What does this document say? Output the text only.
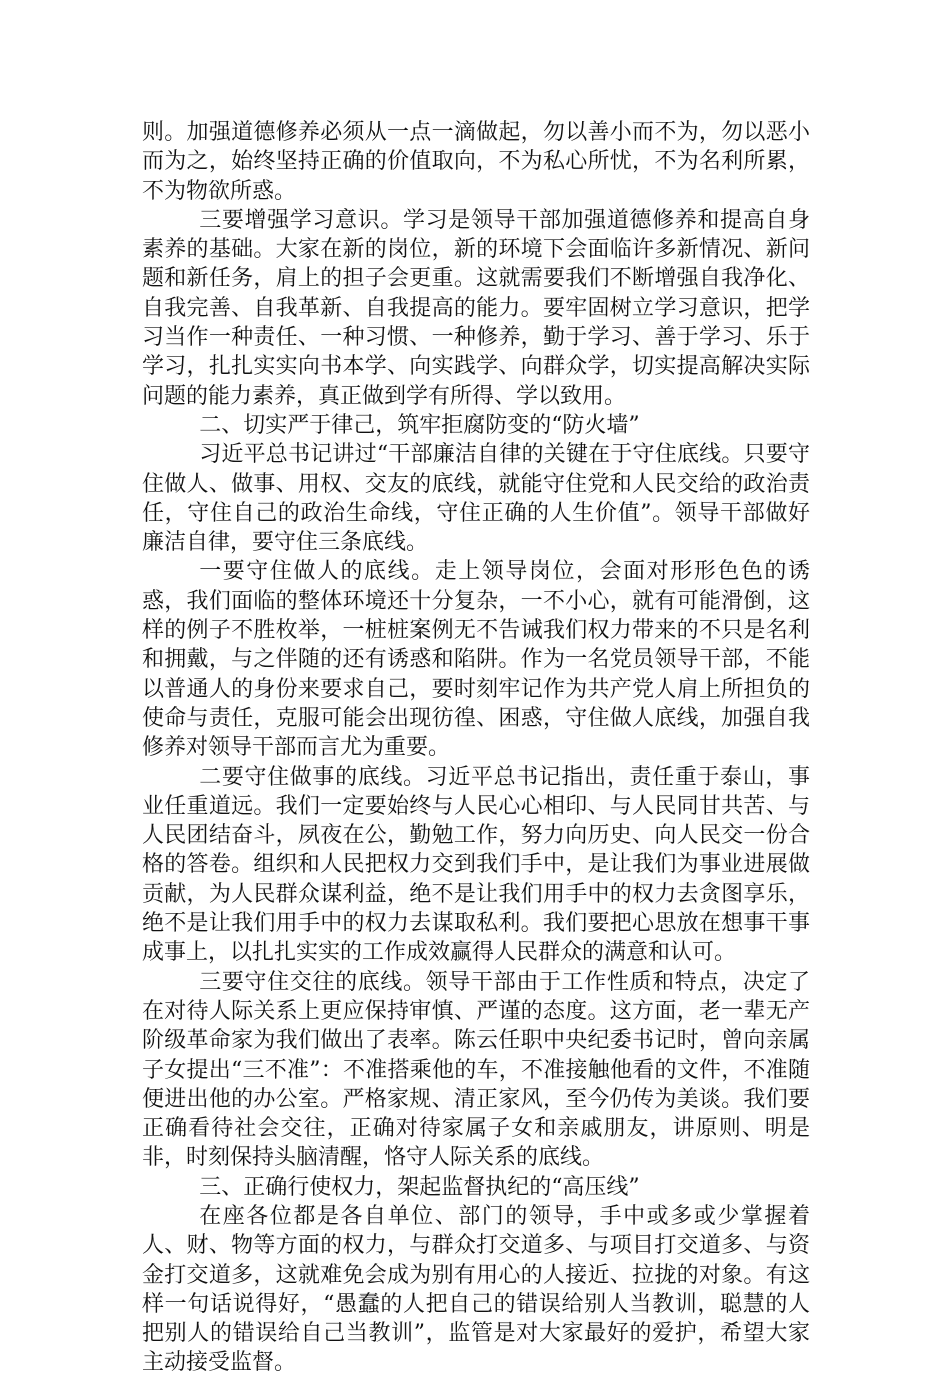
则。加强道德修养必须从一点一滴做起，勿以善小而不为，勿以恶小而为之，始终坚持正确的价值取向，不为私心所忧，不为名利所累，不为物欲所惑。

三要增强学习意识。学习是领导干部加强道德修养和提高自身素养的基础。大家在新的岗位，新的环境下会面临许多新情况、新问题和新任务，肩上的担子会更重。这就需要我们不断增强自我净化、自我完善、自我革新、自我提高的能力。要牢固树立学习意识，把学习当作一种责任、一种习惯、一种修养，勤于学习、善于学习、乐于学习，扎扎实实向书本学、向实践学、向群众学，切实提高解决实际问题的能力素养，真正做到学有所得、学以致用。

二、切实严于律己，筑牢拒腐防变的“防火墙”

习近平总书记讲过“干部廉洁自律的关键在于守住底线。只要守住做人、做事、用权、交友的底线，就能守住党和人民交给的政治责任，守住自己的政治生命线，守住正确的人生价值”。领导干部做好廉洁自律，要守住三条底线。

一要守住做人的底线。走上领导岗位，会面对形形色色的诱惑，我们面临的整体环境还十分复杂，一不小心，就有可能滑倒，这样的例子不胜枚举，一桩桩案例无不告诫我们权力带来的不只是名利和拥戴，与之伴随的还有诱惑和陷阱。作为一名党员领导干部，不能以普通人的身份来要求自己，要时刻牢记作为共产党人肩上所担负的使命与责任，克服可能会出现彷徨、困惑，守住做人底线，加强自我修养对领导干部而言尤为重要。

二要守住做事的底线。习近平总书记指出，责任重于泰山，事业任重道远。我们一定要始终与人民心心相印、与人民同甘共苦、与人民团结奋斗，夙夜在公，勤勉工作，努力向历史、向人民交一份合格的答卷。组织和人民把权力交到我们手中，是让我们为事业进展做贡献，为人民群众谋利益，绝不是让我们用手中的权力去贪图享乐，绝不是让我们用手中的权力去谋取私利。我们要把心思放在想事干事成事上，以扎扎实实的工作成效赢得人民群众的满意和认可。

三要守住交往的底线。领导干部由于工作性质和特点，决定了在对待人际关系上更应保持审慎、严谨的态度。这方面，老一辈无产阶级革命家为我们做出了表率。陈云任职中央纪委书记时，曾向亲属子女提出“三不准”：不准搭乘他的车，不准接触他看的文件，不准随便进出他的办公室。严格家规、清正家风，至今仍传为美谈。我们要正确看待社会交往，正确对待家属子女和亲戚朋友，讲原则、明是非，时刻保持头脑清醒，恪守人际关系的底线。

三、正确行使权力，架起监督执纪的“高压线”

在座各位都是各自单位、部门的领导，手中或多或少掌握着人、财、物等方面的权力，与群众打交道多、与项目打交道多、与资金打交道多，这就难免会成为别有用心的人接近、拉拢的对象。有这样一句话说得好，“愚蠢的人把自己的错误给别人当教训，聪慧的人把别人的错误给自己当教训”，监管是对大家最好的爱护，希望大家主动接受监督。
